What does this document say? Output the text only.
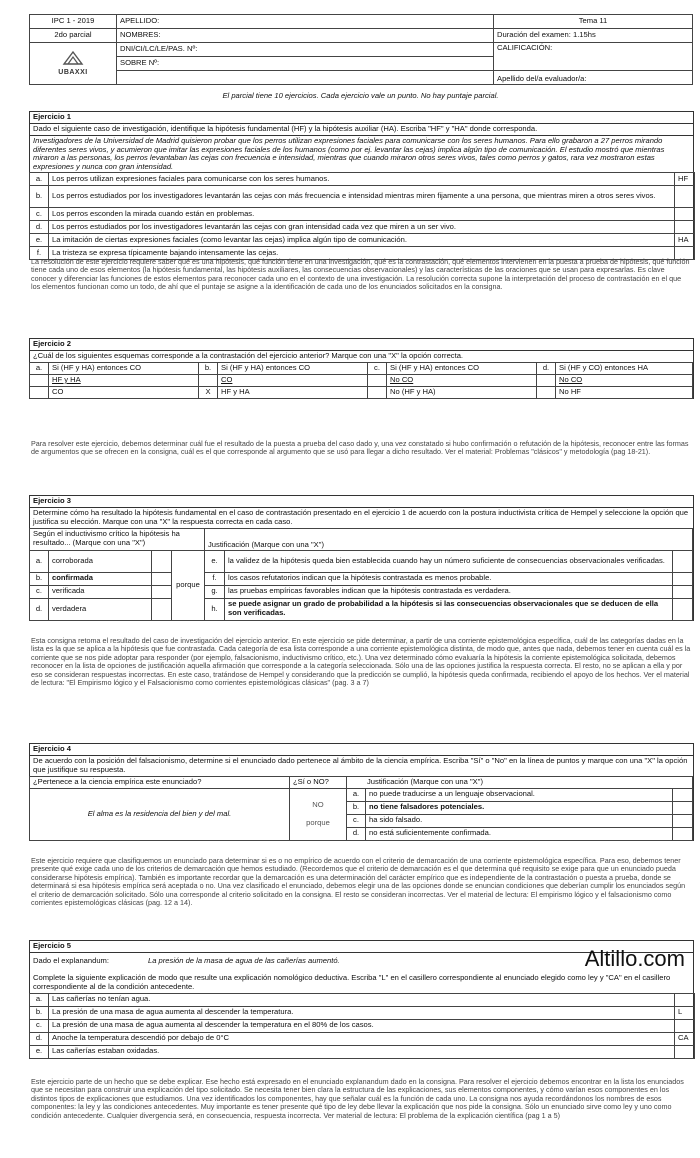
IPC 1 - 2019	APELLIDO:	Tema 11
2do parcial	NOMBRES:	Duración del examen: 1.15hs

UBAXXI	DNI/CI/LC/LE/PAS. Nº:	CALIFICACIÓN:
	SOBRE Nº:	
		Apellido del/a evaluador/a:
El parcial tiene 10 ejercicios. Cada ejercicio vale un punto. No hay puntaje parcial.
Ejercicio 1
Dado el siguiente caso de investigación, identifique la hipótesis fundamental (HF) y la hipótesis auxiliar (HA). Escriba "HF" y "HA" donde corresponda.
Investigadores de la Universidad de Madrid quisieron probar que los perros utilizan expresiones faciales para comunicarse con los seres humanos. Para ello grabaron a 27 perros mirando diferentes seres vivos, y acumieron que imitar las expresiones faciales de los humanos (como por ej. levantar las cejas) implica algún tipo de comunicación. El estudio mostró que mientras miraron a las personas, los perros levantaban las cejas con frecuencia e intensidad, mientras que cuando miraron otros seres vivos, tales como perros y gatos, rara vez mostraron estas expresiones y nunca con gran intensidad.
a.	Los perros utilizan expresiones faciales para comunicarse con los seres humanos.	HF
b.	Los perros estudiados por los investigadores levantarán las cejas con más frecuencia e intensidad mientras miren fijamente a una persona, que mientras miren a otros seres vivos.	
c.	Los perros esconden la mirada cuando están en problemas.	
d.	Los perros estudiados por los investigadores levantarán las cejas con gran intensidad cada vez que miren a un ser vivo.	
e.	La imitación de ciertas expresiones faciales (como levantar las cejas) implica algún tipo de comunicación.	HA
f.	La tristeza se expresa típicamente bajando intensamente las cejas.	
La resolución de este ejercicio requiere saber qué es una hipótesis, qué función tiene en una investigación, qué es la contrastación, qué elementos intervienen en la puesta a prueba de hipótesis, qué función tiene cada uno de esos elementos (la hipótesis fundamental, las hipótesis auxiliares, las consecuencias observacionales) y las características de las oraciones que se usan para expresarlas. Es clave conocer y diferenciar las funciones de estos elementos para reconocer cada uno en el contexto de una investigación. La resolución correcta supone la interpretación del proceso de contrastación en el que los elementos funcionan como un todo, de ahí que el puntaje se asigne a la identificación de cada uno de los enunciados solicitados en la consigna.
Ejercicio 2
¿Cuál de los siguientes esquemas corresponde a la contrastación del ejercicio anterior? Marque con una "X" la opción correcta.
a.	Si (HF y HA) entonces CO	b.	Si (HF y HA) entonces CO	c.	Si (HF y HA) entonces CO	d.	Si (HF y CO) entonces HA
	HF y HA		CO		No CO		No CO
	CO	X	HF y HA		No (HF y HA)		No HF
Para resolver este ejercicio, debemos determinar cuál fue el resultado de la puesta a prueba del caso dado y, una vez constatado si hubo confirmación o refutación de la hipótesis, reconocer entre las formas de argumentos que se ofrecen en la consigna, cuál es el que corresponde al argumento que se usó para llegar a dicho resultado. Ver el material: Problemas "clásicos" y metodología (pag 18-21).
Ejercicio 3
Determine cómo ha resultado la hipótesis fundamental en el caso de contrastación presentado en el ejercicio 1 de acuerdo con la postura inductivista crítica de Hempel y seleccione la opción que justifica su elección. Marque con una "X" la respuesta correcta en cada caso.
Según el inductivismo crítico la hipótesis ha resultado... (Marque con una "X")				Justificación (Marque con una "X")		
a.	corroborada		porque	e.	la validez de la hipótesis queda bien establecida cuando hay un número suficiente de consecuencias observacionales verificadas.	
b.	confirmada			f.	los casos refutatorios indican que la hipótesis contrastada es menos probable.	
c.	verificada			g.	las pruebas empíricas favorables indican que la hipótesis contrastada es verdadera.	
d.	verdadera			h.	se puede asignar un grado de probabilidad a la hipótesis si las consecuencias observacionales que se deducen de ella son verificadas.	
Esta consigna retoma el resultado del caso de investigación del ejercicio anterior. En este ejercicio se pide determinar, a partir de una corriente epistemológica específica, cuál de las categorías dadas en la lista es la que se aplica a la hipótesis que fue contrastada. Cada categoría de esa lista corresponde a una corriente epistemológica distinta, de modo que, antes que nada, debemos tener en cuenta cuál es la corriente que se nos pide adoptar para responder (por ejemplo, falsacionismo, inductivismo crítico, etc.). Una vez determinado cómo evaluaría la hipótesis la corriente epistemológica solicitada, debemos reconocer en la lista de opciones de justificación aquella afirmación que corresponde a la categoría seleccionada. Sólo una de las opciones justifica la respuesta correcta. El resto, no se aplican a ella y por eso se consideran respuestas incorrectas. En este caso, tratándose de Hempel y considerando que la predicción se cumplió, la hipótesis queda confirmada, recibiendo el apoyo de los hechos. Ver el material de lectura: "El Empirismo lógico y el Falsacionismo como corrientes epistemológicas clásicas" (pag. 3 a 7)
Ejercicio 4
De acuerdo con la posición del falsacionismo, determine si el enunciado dado pertenece al ámbito de la ciencia empírica. Escriba "Sí" o "No" en la línea de puntos y marque con una "X" la opción que justifique su respuesta.
¿Pertenece a la ciencia empírica este enunciado?	¿Sí o NO?	Justificación (Marque con una "X")		
El alma es la residencia del bien y del mal.	NO

porque	a.	no puede traducirse a un lenguaje observacional.	
		b.	no tiene falsadores potenciales.	
		c.	ha sido falsado.	
		d.	no está suficientemente confirmada.	
Este ejercicio requiere que clasifiquemos un enunciado para determinar si es o no empírico de acuerdo con el criterio de demarcación de una corriente epistemológica específica. Para eso, debemos tener presente qué exige cada uno de los criterios de demarcación que hemos estudiado. (Recordemos que el criterio de demarcación es el que determina qué requisito se exige para que un enunciado pueda considerarse hipótesis empírica). También es importante recordar que la demarcación es una determinación del carácter empírico que es independiente de la contrastación o puesta a prueba, donde se determinará si esa hipótesis empírica será aceptada o no. Una vez clasificado el enunciado, debemos elegir una de las opciones donde se enuncian condiciones que deberían cumplir los enunciados según el criterio de demarcación solicitado. Sólo una corresponde al criterio solicitado en la consigna. El resto se consideran incorrectas. Ver el material de lectura: El empirismo lógico y el falsacionismo como corrientes epistemológicas clásicas (pag. 12 a 14).
Ejercicio 5
Dado el explanandum:	La presión de la masa de agua de las cañerías aumentó.	Altillo.com
Complete la siguiente explicación de modo que resulte una explicación nomológico deductiva. Escriba "L" en el casillero correspondiente al enunciado elegido como ley y "CA" en el casillero correspondiente al de la condición antecedente.
a.	Las cañerías no tenían agua.	
b.	La presión de una masa de agua aumenta al descender la temperatura.	L
c.	La presión de una masa de agua aumenta al descender la temperatura en el 80% de los casos.	
d.	Anoche la temperatura descendió por debajo de 0°C	CA
e.	Las cañerías estaban oxidadas.	
Este ejercicio parte de un hecho que se debe explicar. Ese hecho está expresado en el enunciado explanandum dado en la consigna. Para resolver el ejercicio debemos encontrar en la lista los enunciados que se necesitan para construir una explicación del tipo solicitado. Se necesita tener bien clara la estructura de las explicaciones, sus elementos componentes, y cómo varían esos componentes en los distintos tipos de explicaciones que estudiamos. Una vez identificados los componentes, hay que señalar cuál es la función de cada uno. La consigna nos ayuda recordándonos los nombres de esos componentes: la ley y las condiciones antecedentes. Muy importante es tener presente qué tipo de ley debe llevar la explicación que nos pide la consigna. Sólo un enunciado sirve como ley y uno como condición antecedente. Cualquier divergencia será, en consecuencia, respuesta incorrecta. Ver material de lectura: El problema de la explicación científica (pag 1 a 5)
